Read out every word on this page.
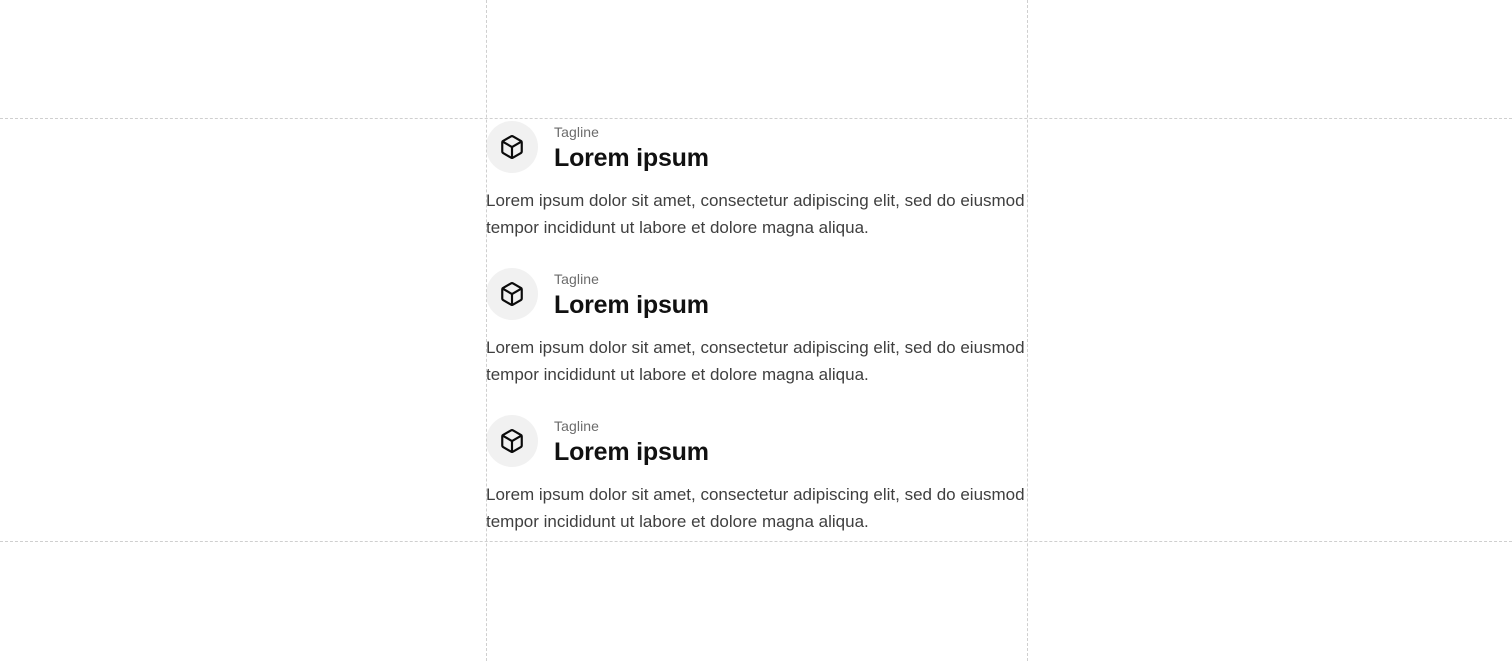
Tagline
Lorem ipsum

Lorem ipsum dolor sit amet, consectetur adipiscing elit, sed do eiusmod tempor incididunt ut labore et dolore magna aliqua.

Tagline
Lorem ipsum

Lorem ipsum dolor sit amet, consectetur adipiscing elit, sed do eiusmod tempor incididunt ut labore et dolore magna aliqua.

Tagline
Lorem ipsum

Lorem ipsum dolor sit amet, consectetur adipiscing elit, sed do eiusmod tempor incididunt ut labore et dolore magna aliqua.
